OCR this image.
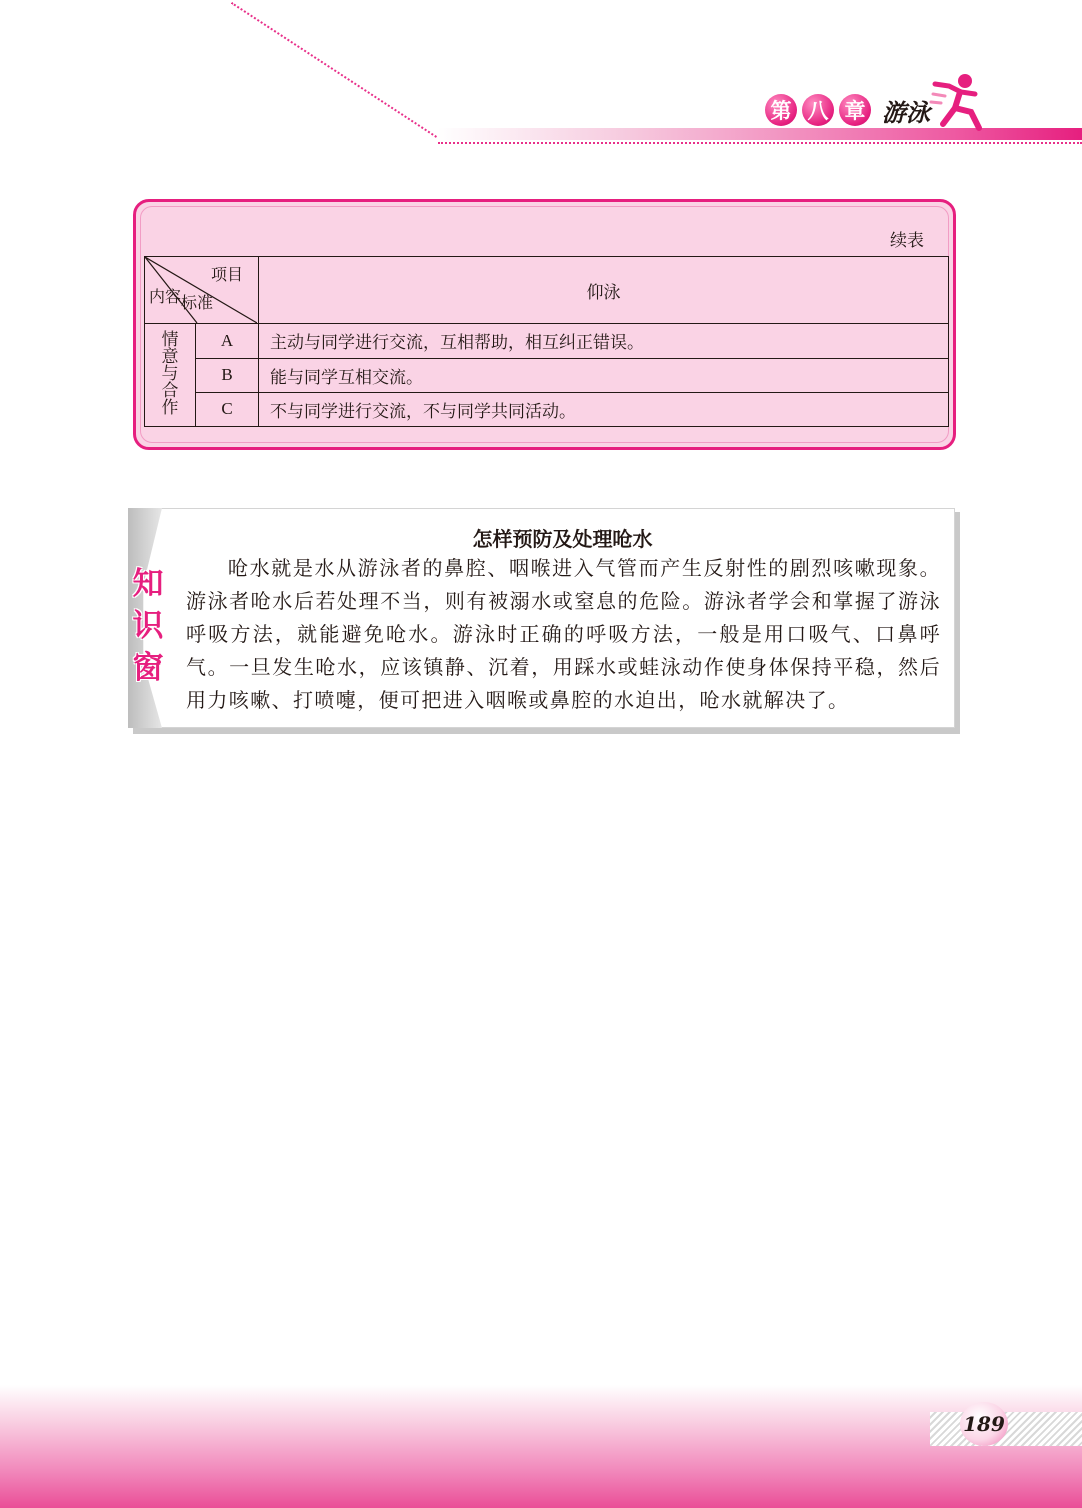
第 八 章 游泳
续表
项目
标准
内容		仰泳
情意与合作	A	主动与同学进行交流，互相帮助，相互纠正错误。
	B	能与同学互相交流。
	C	不与同学进行交流，不与同学共同活动。
知
识
窗
怎样预防及处理呛水
呛水就是水从游泳者的鼻腔、咽喉进入气管而产生反射性的剧烈咳嗽现象。游泳者呛水后若处理不当，则有被溺水或窒息的危险。游泳者学会和掌握了游泳呼吸方法，就能避免呛水。游泳时正确的呼吸方法，一般是用口吸气、口鼻呼气。一旦发生呛水，应该镇静、沉着，用踩水或蛙泳动作使身体保持平稳，然后用力咳嗽、打喷嚏，便可把进入咽喉或鼻腔的水迫出，呛水就解决了。
189
